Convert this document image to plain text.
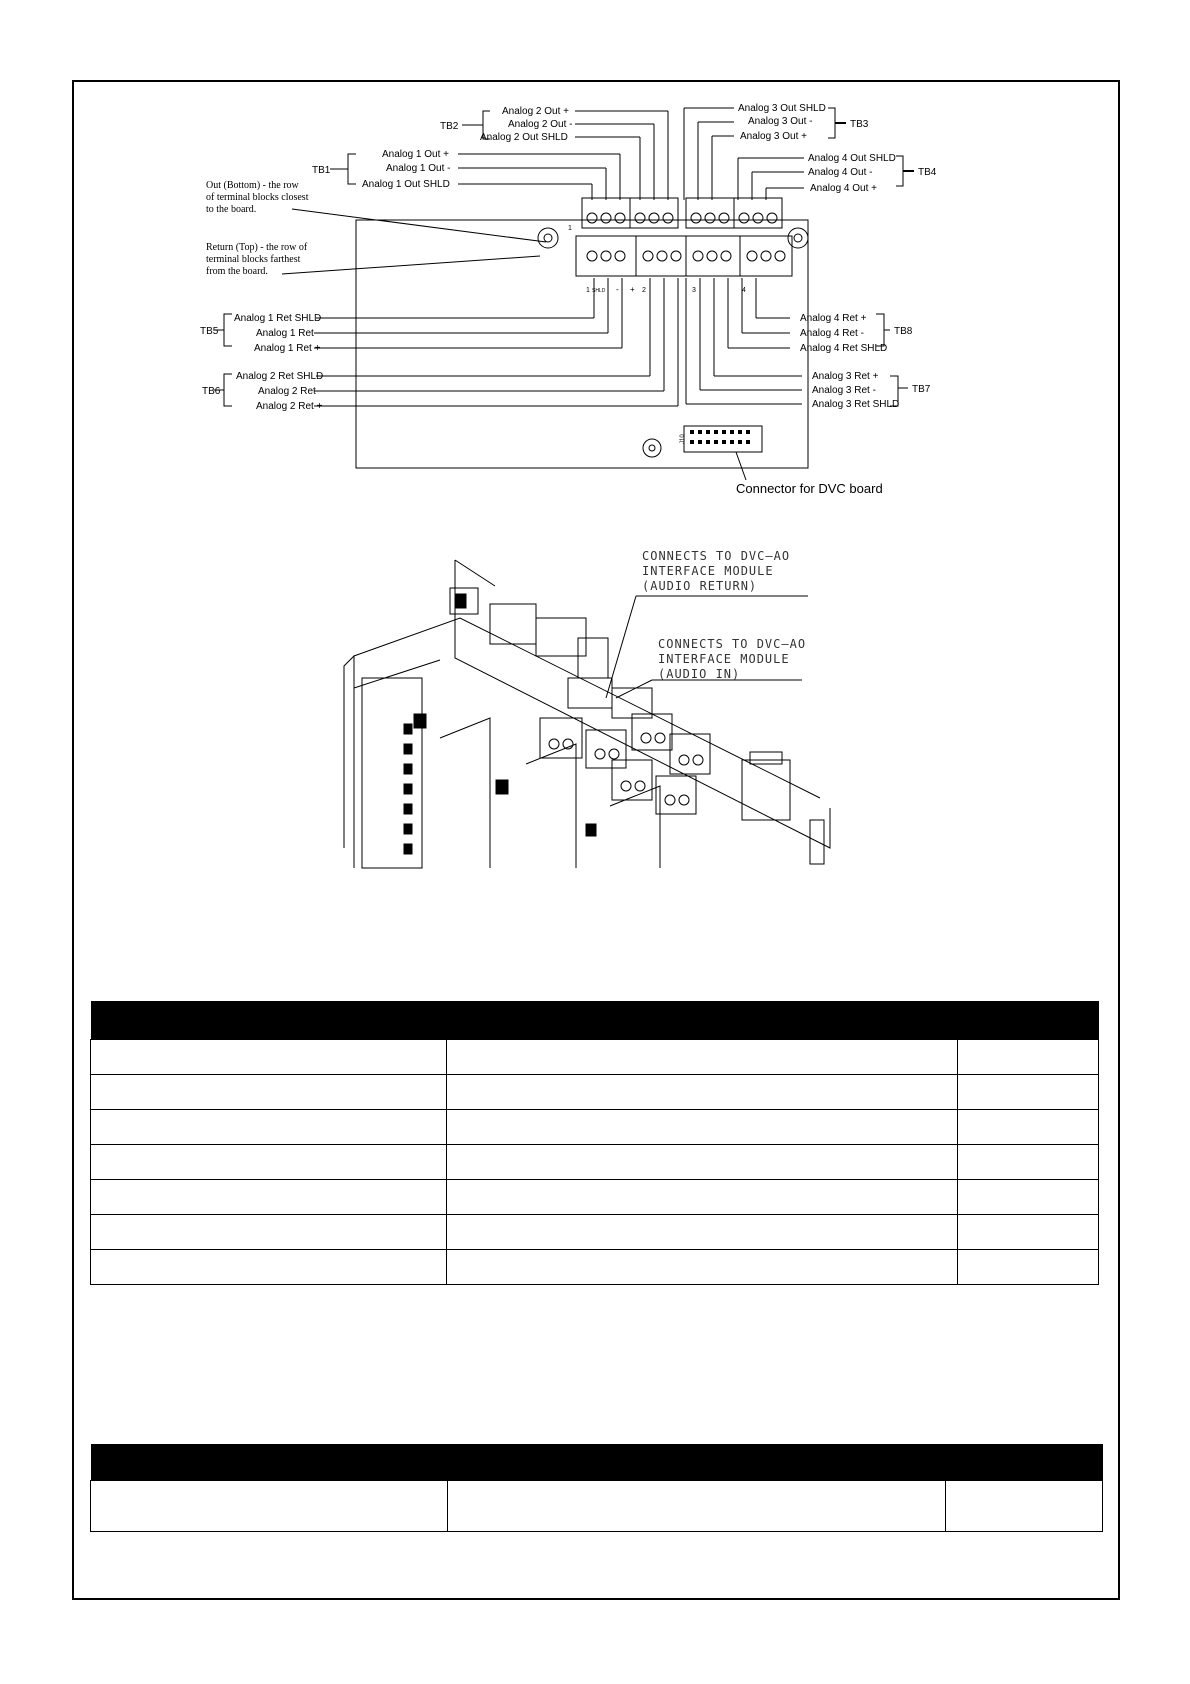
TB2
Analog 2 Out +
Analog 2 Out -
Analog 2 Out SHLD
TB1
Analog 1 Out +
Analog 1 Out -
Analog 1 Out SHLD
Analog 3 Out SHLD
Analog 3 Out -
Analog 3 Out +
TB3
Analog 4 Out SHLD
Analog 4 Out -
Analog 4 Out +
TB4
Out (Bottom) - the row
of terminal blocks closest
to the board.
Return (Top) - the row of
terminal blocks farthest
from the board.
TB5
Analog 1 Ret SHLD
Analog 1 Ret -
Analog 1 Ret +
TB6
Analog 2 Ret SHLD
Analog 2 Ret -
Analog 2 Ret +
Analog 4 Ret +
Analog 4 Ret -
Analog 4 Ret SHLD
TB8
Analog 3 Ret +
Analog 3 Ret -
Analog 3 Ret SHLD
TB7
1
1 SHLD - + 2	3	4
J10
Connector for DVC board
CONNECTS TO DVC—AO
INTERFACE MODULE
(AUDIO RETURN)
CONNECTS TO DVC—AO
INTERFACE MODULE
(AUDIO IN)
